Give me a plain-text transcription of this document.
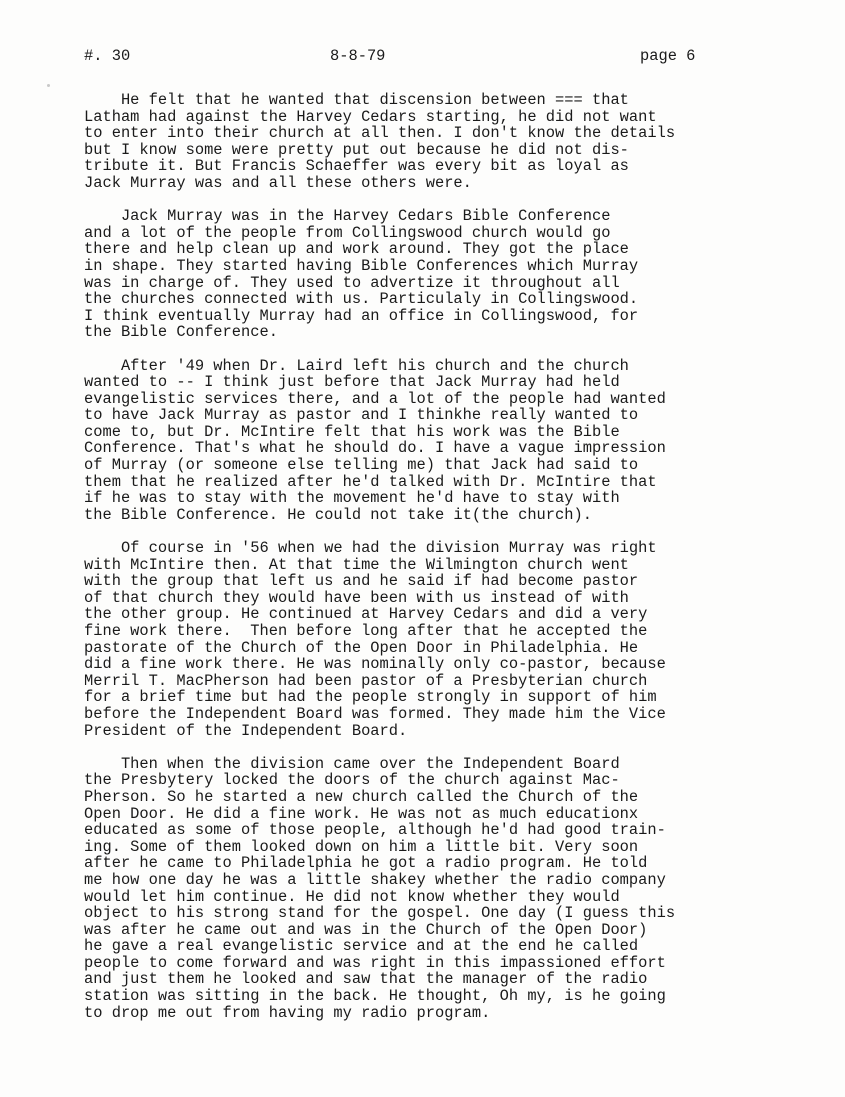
#. 30	8-8-79	page 6
He felt that he wanted that discension between === that
Latham had against the Harvey Cedars starting, he did not want
to enter into their church at all then. I don't know the details
but I know some were pretty put out because he did not dis-
tribute it. But Francis Schaeffer was every bit as loyal as
Jack Murray was and all these others were.
Jack Murray was in the Harvey Cedars Bible Conference
and a lot of the people from Collingswood church would go
there and help clean up and work around. They got the place
in shape. They started having Bible Conferences which Murray
was in charge of. They used to advertize it throughout all
the churches connected with us. Particulaly in Collingswood.
I think eventually Murray had an office in Collingswood, for
the Bible Conference.
After '49 when Dr. Laird left his church and the church
wanted to -- I think just before that Jack Murray had held
evangelistic services there, and a lot of the people had wanted
to have Jack Murray as pastor and I thinkhe really wanted to
come to, but Dr. McIntire felt that his work was the Bible
Conference. That's what he should do. I have a vague impression
of Murray (or someone else telling me) that Jack had said to
them that he realized after he'd talked with Dr. McIntire that
if he was to stay with the movement he'd have to stay with
the Bible Conference. He could not take it(the church).
Of course in '56 when we had the division Murray was right
with McIntire then. At that time the Wilmington church went
with the group that left us and he said if had become pastor
of that church they would have been with us instead of with
the other group. He continued at Harvey Cedars and did a very
fine work there.  Then before long after that he accepted the
pastorate of the Church of the Open Door in Philadelphia. He
did a fine work there. He was nominally only co-pastor, because
Merril T. MacPherson had been pastor of a Presbyterian church
for a brief time but had the people strongly in support of him
before the Independent Board was formed. They made him the Vice
President of the Independent Board.
Then when the division came over the Independent Board
the Presbytery locked the doors of the church against Mac-
Pherson. So he started a new church called the Church of the
Open Door. He did a fine work. He was not as much educationx
educated as some of those people, although he'd had good train-
ing. Some of them looked down on him a little bit. Very soon
after he came to Philadelphia he got a radio program. He told
me how one day he was a little shakey whether the radio company
would let him continue. He did not know whether they would
object to his strong stand for the gospel. One day (I guess this
was after he came out and was in the Church of the Open Door)
he gave a real evangelistic service and at the end he called
people to come forward and was right in this impassioned effort
and just them he looked and saw that the manager of the radio
station was sitting in the back. He thought, Oh my, is he going
to drop me out from having my radio program.
